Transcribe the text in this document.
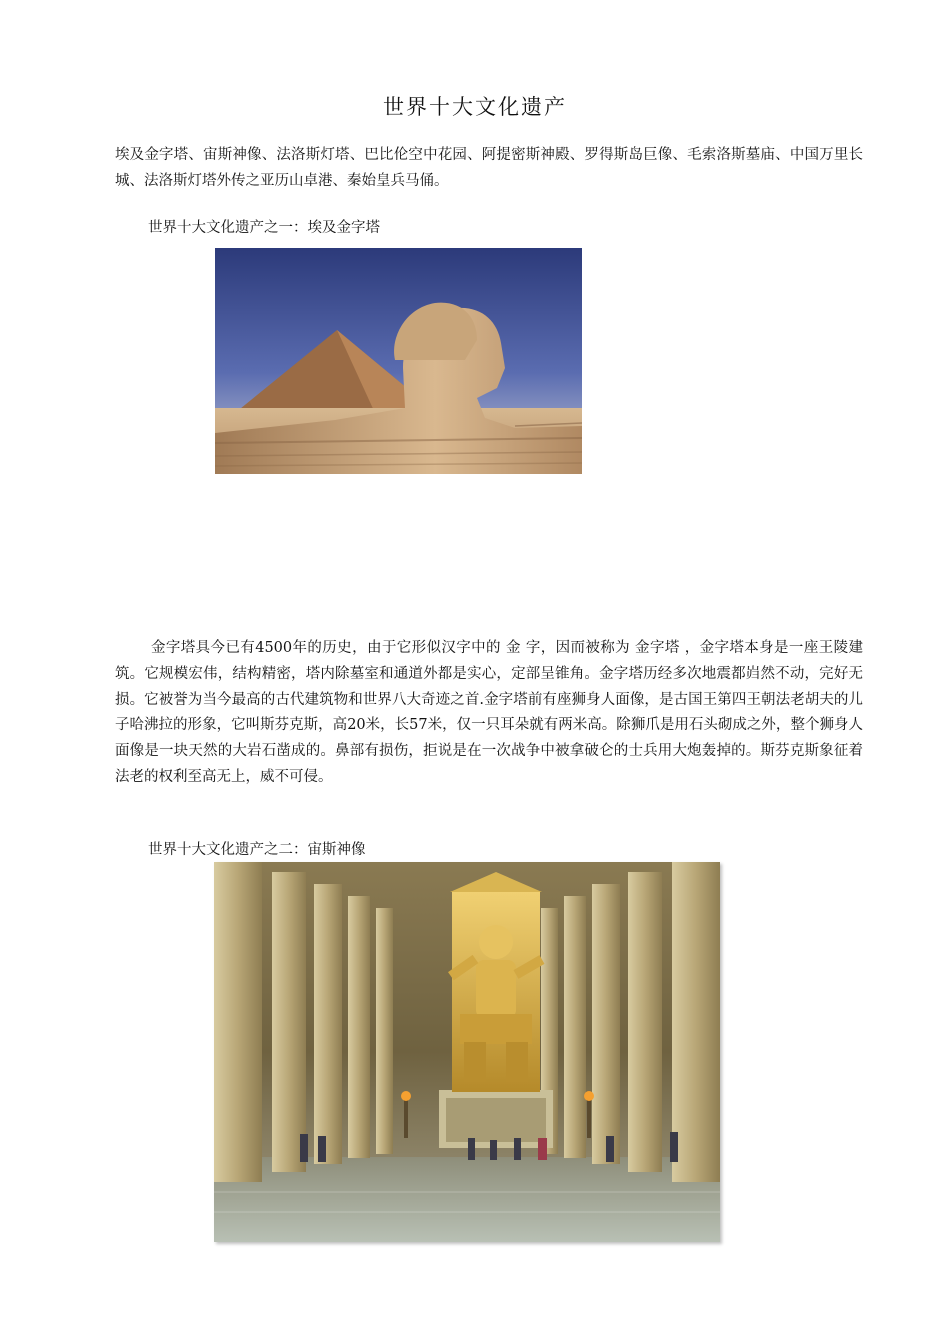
世界十大文化遗产

埃及金字塔、宙斯神像、法洛斯灯塔、巴比伦空中花园、阿提密斯神殿、罗得斯岛巨像、毛索洛斯墓庙、中国万里长城、法洛斯灯塔外传之亚历山卓港、秦始皇兵马俑。

世界十大文化遗产之一：埃及金字塔

金字塔具今已有4500年的历史，由于它形似汉字中的 金 字，因而被称为 金字塔 ，金字塔本身是一座王陵建筑。它规模宏伟，结构精密，塔内除墓室和通道外都是实心，定部呈锥角。金字塔历经多次地震都岿然不动，完好无损。它被誉为当今最高的古代建筑物和世界八大奇迹之首.金字塔前有座狮身人面像，是古国王第四王朝法老胡夫的儿子哈沸拉的形象，它叫斯芬克斯，高20米，长57米，仅一只耳朵就有两米高。除狮爪是用石头砌成之外，整个狮身人面像是一块天然的大岩石凿成的。鼻部有损伤，拒说是在一次战争中被拿破仑的士兵用大炮轰掉的。斯芬克斯象征着法老的权利至高无上，威不可侵。

世界十大文化遗产之二：宙斯神像
